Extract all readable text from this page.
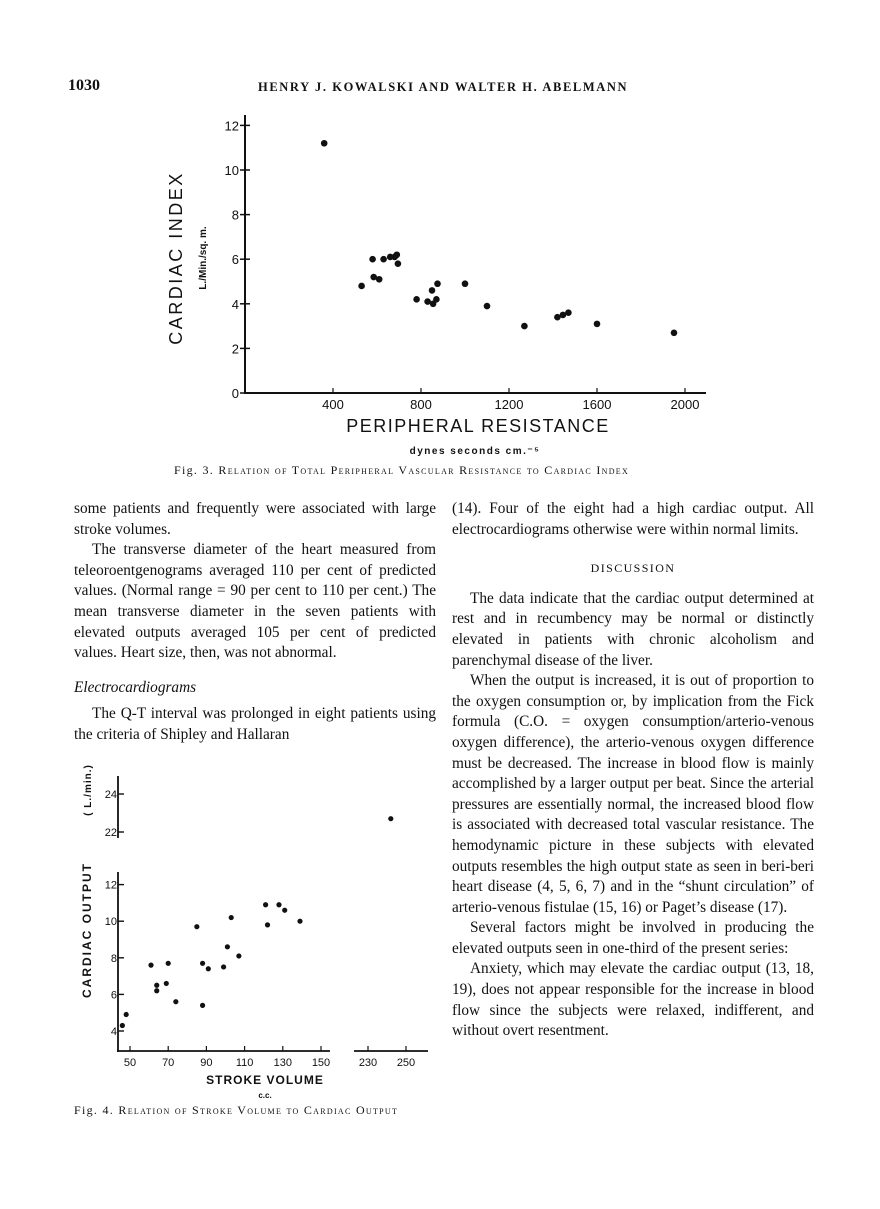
1030	HENRY J. KOWALSKI AND WALTER H. ABELMANN
0
2
4
6
8
10
12
400	800	1200	1600	2000
CARDIAC INDEX L./Min./sq. m.
PERIPHERAL RESISTANCE
dynes seconds cm.⁻⁵
Fig. 3. Relation of Total Peripheral Vascular Resistance to Cardiac Index

some patients and frequently were associated with large stroke volumes.

The transverse diameter of the heart measured from teleoroentgenograms averaged 110 per cent of predicted values. (Normal range = 90 per cent to 110 per cent.) The mean transverse diameter in the seven patients with elevated outputs averaged 105 per cent of predicted values. Heart size, then, was not abnormal.

Electrocardiograms

The Q-T interval was prolonged in eight patients using the criteria of Shipley and Hallaran

4
6
8
10
12
22
24
50 70 90 110 130 150	230 250
CARDIAC OUTPUT
( L./min.)
STROKE VOLUME
c.c.
Fig. 4. Relation of Stroke Volume to Cardiac Output

(14). Four of the eight had a high cardiac output. All electrocardiograms otherwise were within normal limits.

DISCUSSION

The data indicate that the cardiac output determined at rest and in recumbency may be normal or distinctly elevated in patients with chronic alcoholism and parenchymal disease of the liver.

When the output is increased, it is out of proportion to the oxygen consumption or, by implication from the Fick formula (C.O. = oxygen consumption/arterio-venous oxygen difference), the arterio-venous oxygen difference must be decreased. The increase in blood flow is mainly accomplished by a larger output per beat. Since the arterial pressures are essentially normal, the increased blood flow is associated with decreased total vascular resistance. The hemodynamic picture in these subjects with elevated outputs resembles the high output state as seen in beri-beri heart disease (4, 5, 6, 7) and in the “shunt circulation” of arterio-venous fistulae (15, 16) or Paget’s disease (17).

Several factors might be involved in producing the elevated outputs seen in one-third of the present series:

Anxiety, which may elevate the cardiac output (13, 18, 19), does not appear responsible for the increase in blood flow since the subjects were relaxed, indifferent, and without overt resentment.
